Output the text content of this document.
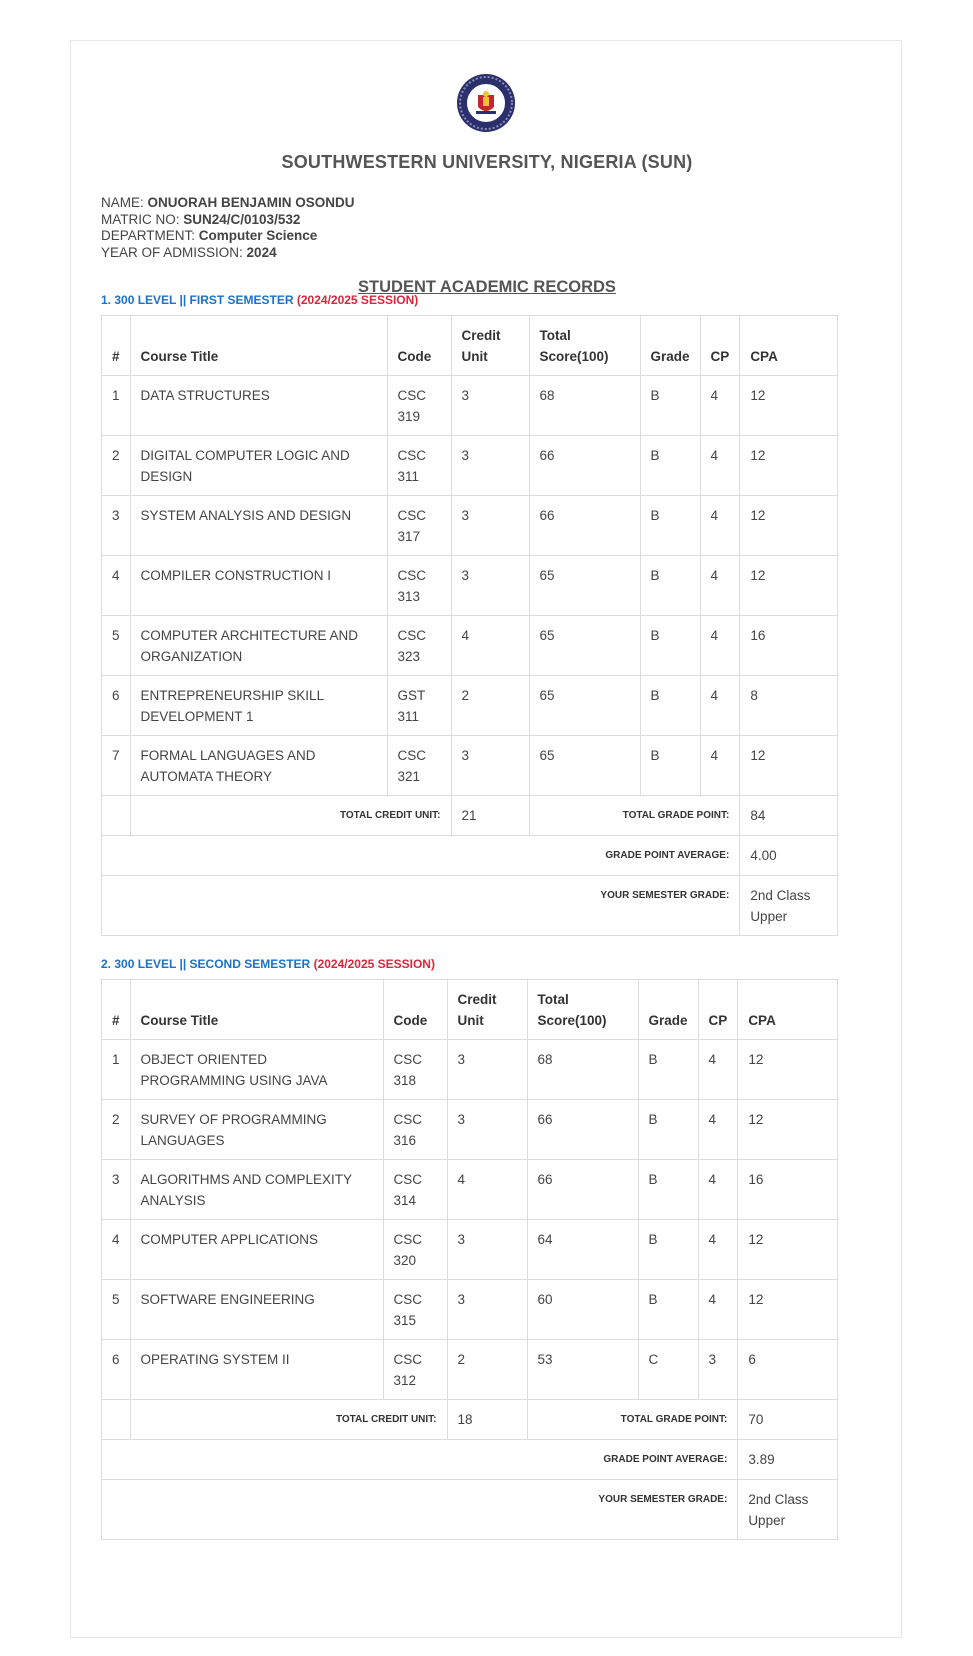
SOUTHWESTERN UNIVERSITY, NIGERIA (SUN)
NAME: ONUORAH BENJAMIN OSONDU
MATRIC NO: SUN24/C/0103/532
DEPARTMENT: Computer Science
YEAR OF ADMISSION: 2024
STUDENT ACADEMIC RECORDS
1. 300 LEVEL || FIRST SEMESTER (2024/2025 SESSION)
#	Course Title	Code	Credit Unit	Total Score(100)	Grade	CP	CPA
1	DATA STRUCTURES	CSC 319	3	68	B	4	12
2	DIGITAL COMPUTER LOGIC AND DESIGN	CSC 311	3	66	B	4	12
3	SYSTEM ANALYSIS AND DESIGN	CSC 317	3	66	B	4	12
4	COMPILER CONSTRUCTION I	CSC 313	3	65	B	4	12
5	COMPUTER ARCHITECTURE AND ORGANIZATION	CSC 323	4	65	B	4	16
6	ENTREPRENEURSHIP SKILL DEVELOPMENT 1	GST 311	2	65	B	4	8
7	FORMAL LANGUAGES AND AUTOMATA THEORY	CSC 321	3	65	B	4	12
	TOTAL CREDIT UNIT:		21	TOTAL GRADE POINT:			84
GRADE POINT AVERAGE:							4.00
YOUR SEMESTER GRADE:							2nd Class Upper
2. 300 LEVEL || SECOND SEMESTER (2024/2025 SESSION)
#	Course Title	Code	Credit Unit	Total Score(100)	Grade	CP	CPA
1	OBJECT ORIENTED PROGRAMMING USING JAVA	CSC 318	3	68	B	4	12
2	SURVEY OF PROGRAMMING LANGUAGES	CSC 316	3	66	B	4	12
3	ALGORITHMS AND COMPLEXITY ANALYSIS	CSC 314	4	66	B	4	16
4	COMPUTER APPLICATIONS	CSC 320	3	64	B	4	12
5	SOFTWARE ENGINEERING	CSC 315	3	60	B	4	12
6	OPERATING SYSTEM II	CSC 312	2	53	C	3	6
	TOTAL CREDIT UNIT:		18	TOTAL GRADE POINT:			70
GRADE POINT AVERAGE:							3.89
YOUR SEMESTER GRADE:							2nd Class Upper
